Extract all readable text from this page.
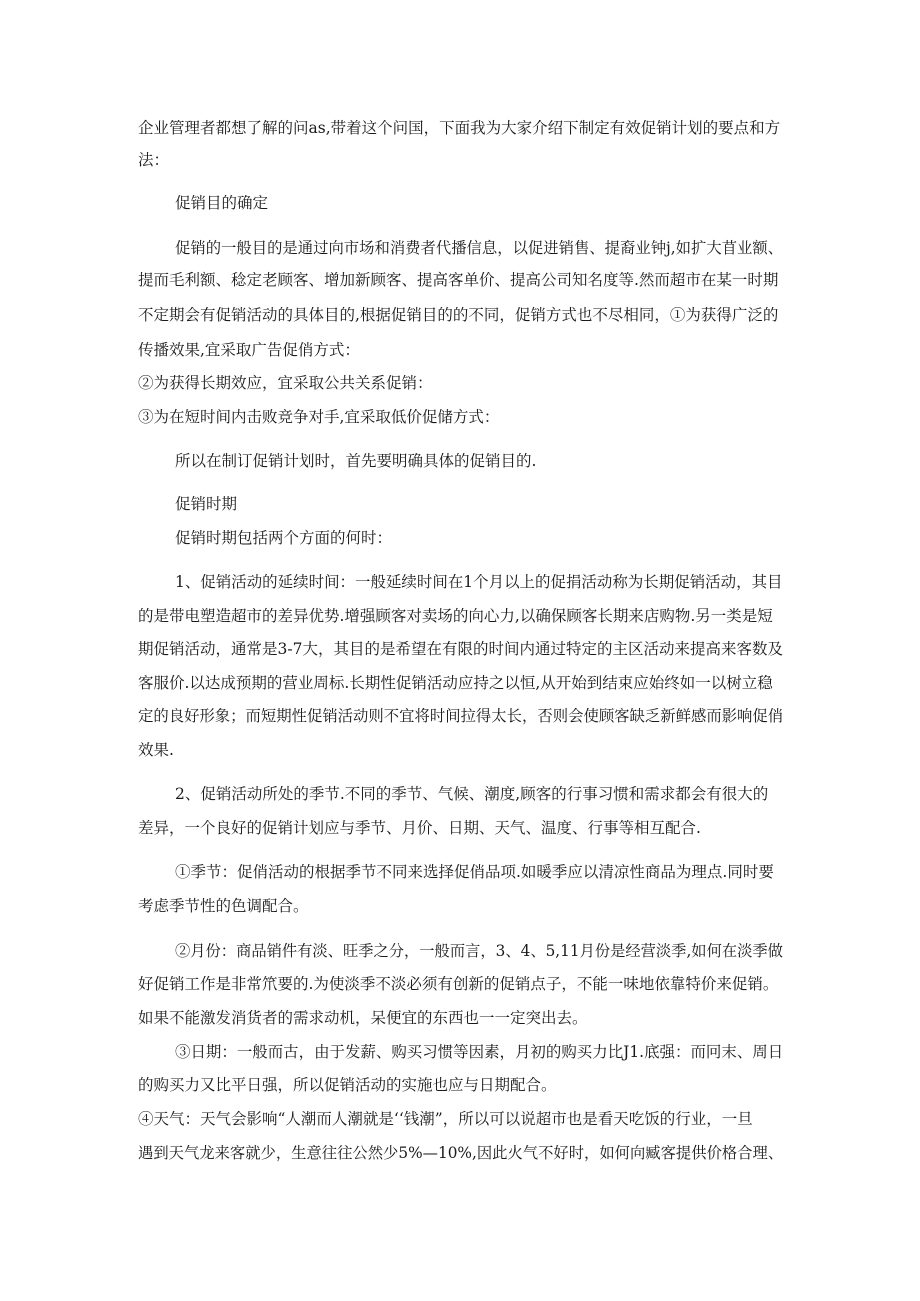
企业管理者都想了解的问as,带着这个问国，下面我为大家介绍下制定有效促销计划的要点和方
法：
促销目的确定
促销的一般目的是通过向市场和消费者代播信息，以促进销售、提裔业钟j,如扩大苜业额、
提而毛利额、稔定老顾客、增加新顾客、提高客单价、提高公司知名度等.然而超市在某一时期
不定期会有促销活动的具体目的,根据促销目的的不同，促销方式也不尽相同，①为获得广泛的
传播效果,宜采取广告促俏方式：
②为获得长期效应，宜采取公共关系促销：
③为在短时间内击败竞争对手,宜采取低价促储方式：
所以在制订促销计划时，首先要明确具体的促销目的.
促销时期
促销时期包括两个方面的何时：
1、促销活动的延续时间：一般延续时间在1个月以上的促捐活动称为长期促销活动，其目
的是带电塑造超市的差异优势.增强顾客对卖场的向心力,以确保顾客长期来店购物.另一类是短
期促销活动，通常是3-7大，其目的是希望在有限的时间内通过特定的主区活动来提高来客数及
客服价.以达成预期的营业周标.长期性促销活动应持之以恒,从开始到结束应始终如一以树立稳
定的良好形象；而短期性促销活动则不宜将时间拉得太长，否则会使顾客缺乏新鲜感而影响促俏
效果.
2、促销活动所处的季节.不同的季节、气候、潮度,顾客的行事习惯和需求都会有很大的
差异，一个良好的促销计划应与季节、月价、日期、天气、温度、行事等相互配合.
①季节：促俏活动的根据季节不同来选择促俏品项.如暖季应以清凉性商品为理点.同时要
考虑季节性的色调配合。
②月份：商品销件有淡、旺季之分，一般而言，3、4、5,11月份是经营淡季,如何在淡季做
好促销工作是非常笊要的.为使淡季不淡必须有创新的促销点子，不能一味地依靠特价来促销。
如果不能激发消货者的需求动机，呆便宜的东西也一一定突出去。
③日期：一般而古，由于发薪、购买习惯等因素，月初的购买力比J1.底强：而冋末、周日
的购买力又比平日强，所以促销活动的实施也应与日期配合。
④天气：天气会影响“人潮而人潮就是‘‘钱潮”，所以可以说超市也是看天吃饭的行业，一旦
遇到天气龙来客就少，生意往往公然少5%—10%,因此火气不好时，如何向臧客提供价格合理、
